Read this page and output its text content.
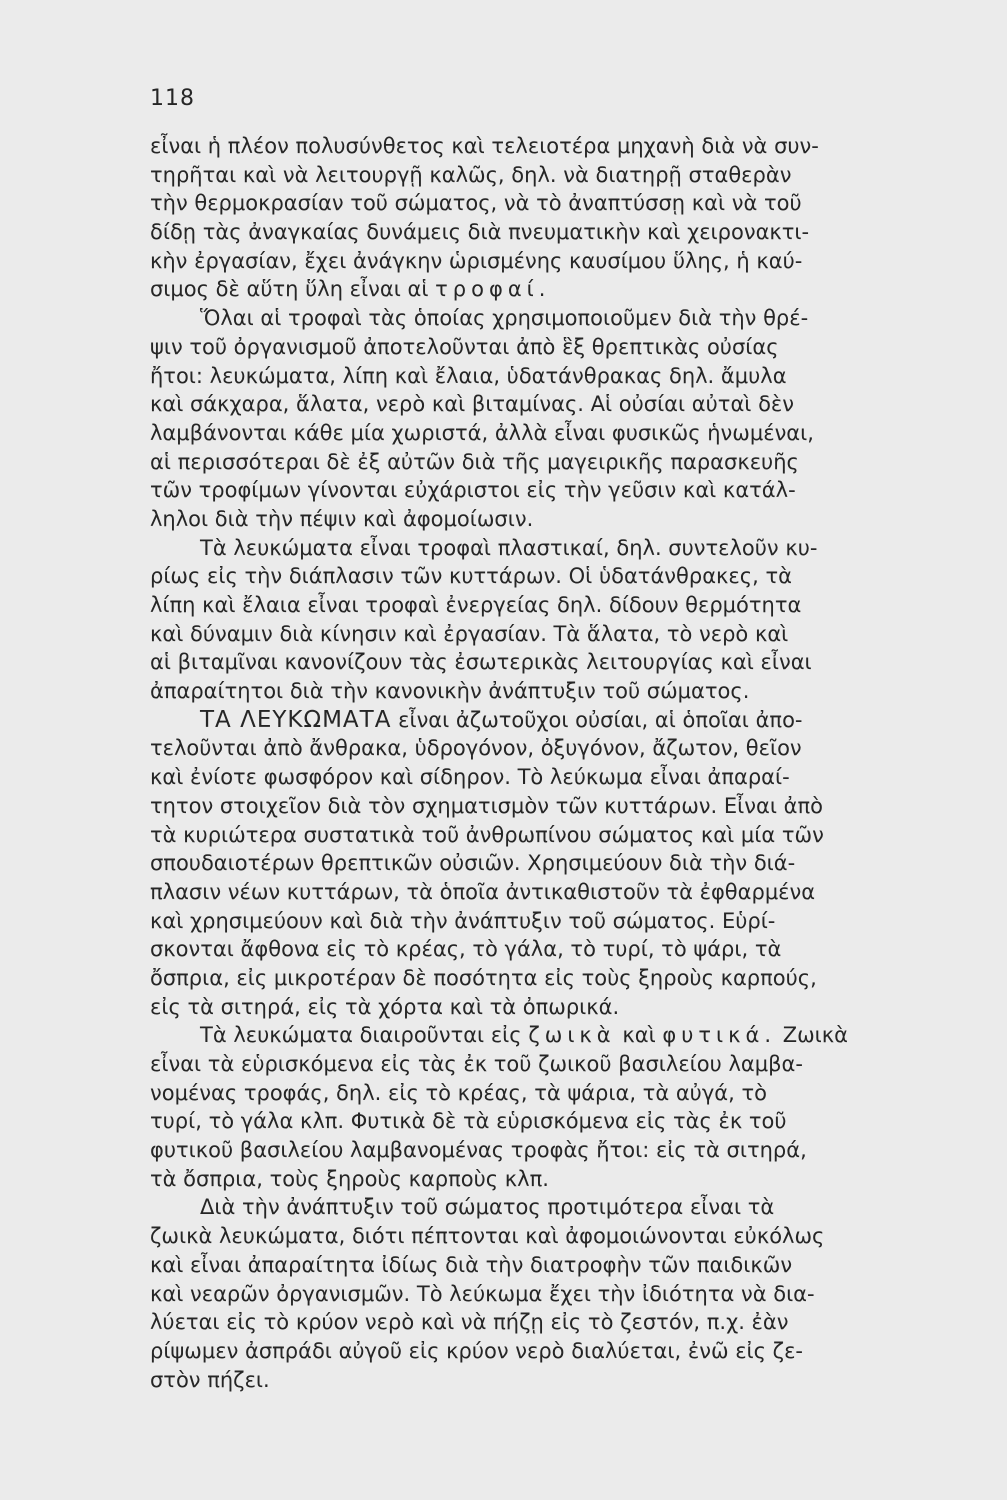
118
εἶναι ἡ πλέον πολυσύνθετος καὶ τελειοτέρα μηχανὴ διὰ νὰ συν-
τηρῆται καὶ νὰ λειτουργῇ καλῶς, δηλ. νὰ διατηρῇ σταθερὰν
τὴν θερμοκρασίαν τοῦ σώματος, νὰ τὸ ἀναπτύσσῃ καὶ νὰ τοῦ
δίδῃ τὰς ἀναγκαίας δυνάμεις διὰ πνευματικὴν καὶ χειρονακτι-
κὴν ἐργασίαν, ἔχει ἀνάγκην ὡρισμένης καυσίμου ὕλης, ἡ καύ-
σιμος δὲ αὕτη ὕλη εἶναι αἱ τροφαί.
Ὅλαι αἱ τροφαὶ τὰς ὁποίας χρησιμοποιοῦμεν διὰ τὴν θρέ-
ψιν τοῦ ὀργανισμοῦ ἀποτελοῦνται ἀπὸ ἓξ θρεπτικὰς οὐσίας
ἤτοι: λευκώματα, λίπη καὶ ἔλαια, ὑδατάνθρακας δηλ. ἄμυλα
καὶ σάκχαρα, ἅλατα, νερὸ καὶ βιταμίνας. Αἱ οὐσίαι αὐταὶ δὲν
λαμβάνονται κάθε μία χωριστά, ἀλλὰ εἶναι φυσικῶς ἡνωμέναι,
αἱ περισσότεραι δὲ ἐξ αὐτῶν διὰ τῆς μαγειρικῆς παρασκευῆς
τῶν τροφίμων γίνονται εὐχάριστοι εἰς τὴν γεῦσιν καὶ κατάλ-
ληλοι διὰ τὴν πέψιν καὶ ἀφομοίωσιν.
Τὰ λευκώματα εἶναι τροφαὶ πλαστικαί, δηλ. συντελοῦν κυ-
ρίως εἰς τὴν διάπλασιν τῶν κυττάρων. Οἱ ὑδατάνθρακες, τὰ
λίπη καὶ ἔλαια εἶναι τροφαὶ ἐνεργείας δηλ. δίδουν θερμότητα
καὶ δύναμιν διὰ κίνησιν καὶ ἐργασίαν. Τὰ ἅλατα, τὸ νερὸ καὶ
αἱ βιταμῖναι κανονίζουν τὰς ἐσωτερικὰς λειτουργίας καὶ εἶναι
ἀπαραίτητοι διὰ τὴν κανονικὴν ἀνάπτυξιν τοῦ σώματος.
ΤΑ ΛΕΥΚΩΜΑΤΑ εἶναι ἀζωτοῦχοι οὐσίαι, αἱ ὁποῖαι ἀπο-
τελοῦνται ἀπὸ ἄνθρακα, ὑδρογόνον, ὀξυγόνον, ἄζωτον, θεῖον
καὶ ἐνίοτε φωσφόρον καὶ σίδηρον. Τὸ λεύκωμα εἶναι ἀπαραί-
τητον στοιχεῖον διὰ τὸν σχηματισμὸν τῶν κυττάρων. Εἶναι ἀπὸ
τὰ κυριώτερα συστατικὰ τοῦ ἀνθρωπίνου σώματος καὶ μία τῶν
σπουδαιοτέρων θρεπτικῶν οὐσιῶν. Χρησιμεύουν διὰ τὴν διά-
πλασιν νέων κυττάρων, τὰ ὁποῖα ἀντικαθιστοῦν τὰ ἐφθαρμένα
καὶ χρησιμεύουν καὶ διὰ τὴν ἀνάπτυξιν τοῦ σώματος. Εὑρί-
σκονται ἄφθονα εἰς τὸ κρέας, τὸ γάλα, τὸ τυρί, τὸ ψάρι, τὰ
ὄσπρια, εἰς μικροτέραν δὲ ποσότητα εἰς τοὺς ξηροὺς καρπούς,
εἰς τὰ σιτηρά, εἰς τὰ χόρτα καὶ τὰ ὀπωρικά.
Τὰ λευκώματα διαιροῦνται εἰς ζωικὰ καὶ φυτικά. Ζωικὰ
εἶναι τὰ εὑρισκόμενα εἰς τὰς ἐκ τοῦ ζωικοῦ βασιλείου λαμβα-
νομένας τροφάς, δηλ. εἰς τὸ κρέας, τὰ ψάρια, τὰ αὐγά, τὸ
τυρί, τὸ γάλα κλπ. Φυτικὰ δὲ τὰ εὑρισκόμενα εἰς τὰς ἐκ τοῦ
φυτικοῦ βασιλείου λαμβανομένας τροφὰς ἤτοι: εἰς τὰ σιτηρά,
τὰ ὄσπρια, τοὺς ξηροὺς καρποὺς κλπ.
Διὰ τὴν ἀνάπτυξιν τοῦ σώματος προτιμότερα εἶναι τὰ
ζωικὰ λευκώματα, διότι πέπτονται καὶ ἀφομοιώνονται εὐκόλως
καὶ εἶναι ἀπαραίτητα ἰδίως διὰ τὴν διατροφὴν τῶν παιδικῶν
καὶ νεαρῶν ὀργανισμῶν. Τὸ λεύκωμα ἔχει τὴν ἰδιότητα νὰ δια-
λύεται εἰς τὸ κρύον νερὸ καὶ νὰ πήζῃ εἰς τὸ ζεστόν, π.χ. ἐὰν
ρίψωμεν ἀσπράδι αὐγοῦ εἰς κρύον νερὸ διαλύεται, ἐνῶ εἰς ζε-
στὸν πήζει.
